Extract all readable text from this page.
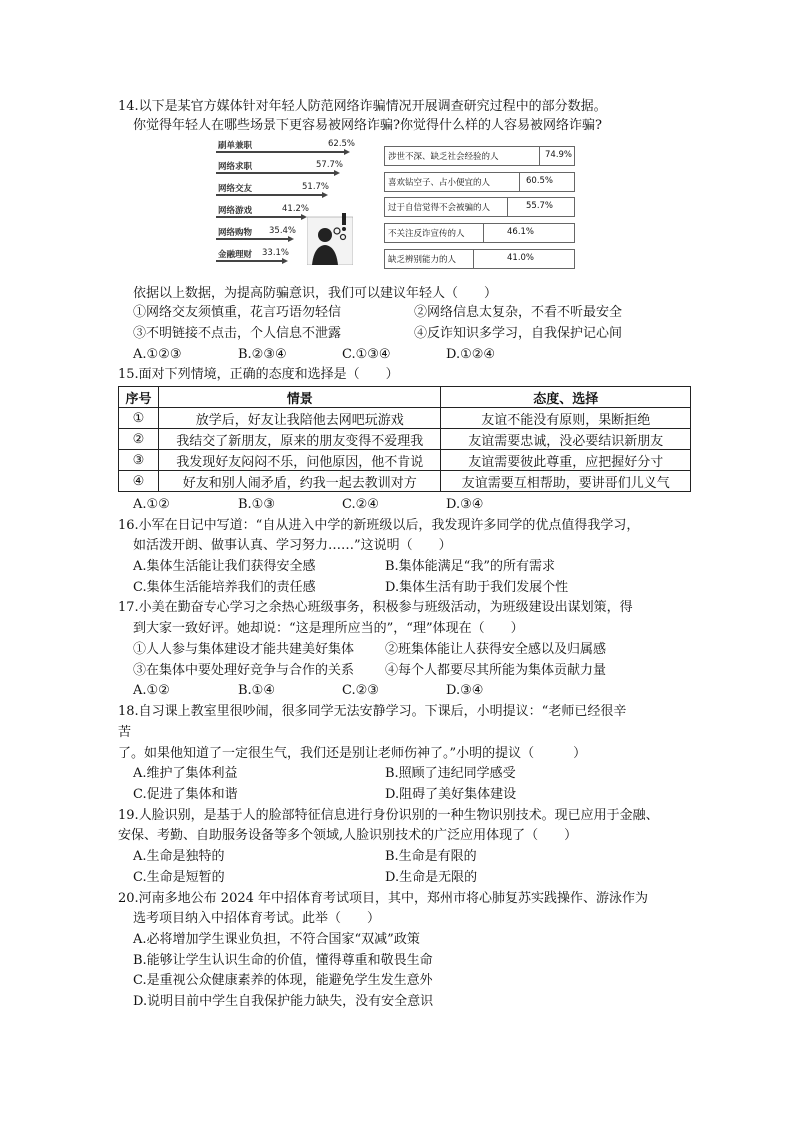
14.以下是某官方媒体针对年轻人防范网络诈骗情况开展调查研究过程中的部分数据。
你觉得年轻人在哪些场景下更容易被网络诈骗?你觉得什么样的人容易被网络诈骗?
刷单兼职	62.5%
网络求职	57.7%
网络交友	51.7%
网络游戏	41.2%
网络购物 35.4%
金融理财 33.1%
涉世不深、缺乏社会经验的人	74.9%
喜欢钻空子、占小便宜的人	60.5%
过于自信觉得不会被骗的人	55.7%
不关注反诈宣传的人	46.1%
缺乏辨别能力的人	41.0%
依据以上数据，为提高防骗意识，我们可以建议年轻人（　　）
①网络交友须慎重，花言巧语勿轻信	②网络信息太复杂，不看不听最安全
③不明链接不点击，个人信息不泄露	④反诈知识多学习，自我保护记心间
A.①②③	B.②③④	C.①③④	D.①②④
15.面对下列情境，正确的态度和选择是（　　）
序号	情景	态度、选择
①	放学后，好友让我陪他去网吧玩游戏	友谊不能没有原则，果断拒绝
②	我结交了新朋友，原来的朋友变得不爱理我	友谊需要忠诚，没必要结识新朋友
③	我发现好友闷闷不乐，问他原因，他不肯说	友谊需要彼此尊重，应把握好分寸
④	好友和别人闹矛盾，约我一起去教训对方	友谊需要互相帮助，要讲哥们儿义气
A.①②	B.①③	C.②④	D.③④
16.小军在日记中写道：“自从进入中学的新班级以后，我发现许多同学的优点值得我学习，
如活泼开朗、做事认真、学习努力……”这说明（　　）
A.集体生活能让我们获得安全感	B.集体能满足“我”的所有需求
C.集体生活能培养我们的责任感	D.集体生活有助于我们发展个性
17.小美在勤奋专心学习之余热心班级事务，积极参与班级活动，为班级建设出谋划策，得
到大家一致好评。她却说：“这是理所应当的”，“理”体现在（　　）
①人人参与集体建设才能共建美好集体 ②班集体能让人获得安全感以及归属感
③在集体中要处理好竞争与合作的关系 ④每个人都要尽其所能为集体贡献力量
A.①②	B.①④	C.②③	D.③④
18.自习课上教室里很吵闹，很多同学无法安静学习。下课后，小明提议：“老师已经很辛
苦
了。如果他知道了一定很生气，我们还是别让老师伤神了。”小明的提议（　　　）
A.维护了集体利益	B.照顾了违纪同学感受
C.促进了集体和谐	D.阻碍了美好集体建设
19.人脸识别，是基于人的脸部特征信息进行身份识别的一种生物识别技术。现已应用于金融、
安保、考勤、自助服务设备等多个领域,人脸识别技术的广泛应用体现了（　　）
A.生命是独特的	B.生命是有限的
C.生命是短暂的	D.生命是无限的
20.河南多地公布 2024 年中招体育考试项目，其中，郑州市将心肺复苏实践操作、游泳作为
选考项目纳入中招体育考试。此举（　　）
A.必将增加学生课业负担，不符合国家“双减”政策
B.能够让学生认识生命的价值，懂得尊重和敬畏生命
C.是重视公众健康素养的体现，能避免学生发生意外
D.说明目前中学生自我保护能力缺失，没有安全意识
